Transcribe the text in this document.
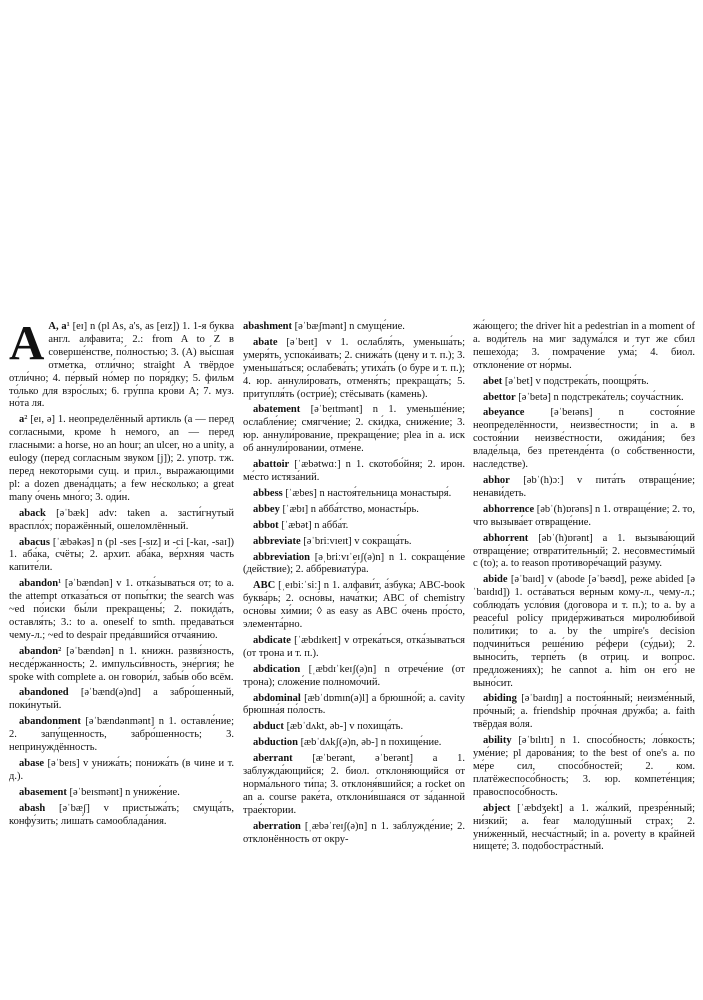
A A, a¹ [eɪ] n (pl As, a's, as [eɪz]) 1. 1-я буква англ. алфавита; 2.: from A to Z в соверше́нстве, по́лностью; 3. (A) вы́сшая отме́тка, отли́чно; straight A твёрдое отли́чно; 4. пе́рвый но́мер по поря́дку; 5. фильм то́лько для взро́слых; 6. гру́ппа кро́ви A; 7. муз. но́та ля.

a² [eɪ, ə] 1. неопределённый артикль (a — перед согласными, кроме h немого, an — перед гласными: a horse, но an hour; an ulcer, но a unity, a eulogy (перед согласным звуком [j]); 2. употр. тж. перед некоторыми сущ. и прил., выражающими pl: a dozen двена́дцать; a few не́сколько; a great many о́чень мно́го; 3. оди́н.

aback [əˈbæk] adv: taken a. засти́гнутый враспло́х; поражённый, ошеломлённый.

abacus [ˈæbəkəs] n (pl -ses [-sɪz] и -ci [-kaɪ, -saɪ]) 1. аба́ка, счёты; 2. архит. аба́ка, ве́рхняя часть капите́ли.

abandon¹ [əˈbændən] v 1. отка́зываться от; to a. the attempt отказа́ться от попы́тки; the search was ~ed по́иски бы́ли прекращены́; 2. покида́ть, оставля́ть; 3.: to a. oneself to smth. предава́ться чему-л.; ~ed to despair преда́вшийся отча́янию.

abandon² [əˈbændən] n 1. книжн. развя́зность, несде́ржанность; 2. импульси́вность, эне́ргия; he spoke with complete a. он говори́л, забы́в обо всём.

abandoned [əˈbænd(ə)nd] a забро́шенный, поки́нутый.

abandonment [əˈbændənmənt] n 1. оставле́ние; 2. запу́щенность, забро́шенность; 3. непринуждённость.

abase [əˈbeɪs] v унижа́ть; понижа́ть (в чине и т. д.).

abasement [əˈbeɪsmənt] n униже́ние.

abash [əˈbæʃ] v пристыжа́ть; смуща́ть, конфу́зить; лиша́ть самооблада́ния.

abashment [əˈbæʃmənt] n смуще́ние.

abate [əˈbeɪt] v 1. ослабля́ть, уменьша́ть; умеря́ть, успока́ивать; 2. снижа́ть (цену и т. п.); 3. уменьша́ться; ослабева́ть; утиха́ть (о буре и т. п.); 4. юр. аннули́ровать, отменя́ть; прекраща́ть; 5. притупля́ть (острие́); стёсывать (камень).

abatement [əˈbeɪtmənt] n 1. уменьше́ние; ослабле́ние; смягче́ние; 2. ски́дка, сниже́ние; 3. юр. аннули́рование, прекраще́ние; plea in a. иск об аннули́ровании, отме́не.

abattoir [ˈæbətwɑː] n 1. скотобо́йня; 2. ирон. ме́сто истяза́ний.

abbess [ˈæbes] n настоя́тельница монастыря́.

abbey [ˈæbɪ] n абба́тство, монасты́рь.

abbot [ˈæbət] n абба́т.

abbreviate [əˈbriːvɪeɪt] v сокраща́ть.

abbreviation [əˌbriːvɪˈeɪʃ(ə)n] n 1. сокраще́ние (действие); 2. аббревиату́ра.

ABC [ˌeɪbiːˈsiː] n 1. алфави́т, а́збука; ABC-book буква́рь; 2. осно́вы, нача́тки; ABC of chemistry осно́вы хи́мии; ◊ as easy as ABC о́чень про́сто, элемента́рно.

abdicate [ˈæbdɪkeɪt] v отрека́ться, отка́зываться (от трона и т. п.).

abdication [ˌæbdɪˈkeɪʃ(ə)n] n отрече́ние (от трона); сложе́ние полномо́чий.

abdominal [æbˈdɒmɪn(ə)l] a брюшно́й; a. cavity брюшна́я по́лость.

abduct [æbˈdʌkt, əb-] v похища́ть.

abduction [æbˈdʌkʃ(ə)n, əb-] n похище́ние.

aberrant [æˈberənt, əˈberənt] a 1. заблужда́ющийся; 2. биол. отклоня́ющийся от норма́льного ти́па; 3. отклоня́вшийся; a rocket on an a. course раке́та, отклони́вшаяся от за́данной трае́ктории.

aberration [ˌæbəˈreɪʃ(ə)n] n 1. заблужде́ние; 2. отклонённость от окру-

жа́ющего; the driver hit a pedestrian in a moment of a. води́тель на миг задума́лся и тут же сбил пешехо́да; 3. помраче́ние ума́; 4. биол. отклоне́ние от но́рмы.

abet [əˈbet] v подстрека́ть, поощря́ть.

abettor [əˈbetə] n подстрека́тель; соуча́стник.

abeyance [əˈbeɪəns] n состоя́ние неопределённости, неизве́стности; in a. в состоя́нии неизве́стности, ожида́ния; без владе́льца, без претенде́нта (о собственности, наследстве).

abhor [əbˈ(h)ɔː] v пита́ть отвраще́ние; ненави́деть.

abhorrence [əbˈ(h)ɒrəns] n 1. отвраще́ние; 2. то, что вызыва́ет отвраще́ние.

abhorrent [əbˈ(h)ɒrənt] a 1. вызыва́ющий отвраще́ние; отврати́тельный; 2. несовмести́мый с (to); a. to reason противоре́чащий ра́зуму.

abide [əˈbaɪd] v (abode [əˈbəʊd], реже abided [əˈbaɪdɪd]) 1. оста́ваться ве́рным кому-л., чему-л.; соблюда́ть усло́вия (договора и т. п.); to a. by a peaceful policy приде́рживаться миролюби́вой поли́тики; to a. by the umpire's decision подчини́ться реше́нию ре́фери (су́дьи); 2. выноси́ть, терпе́ть (в отриц. и вопрос. предложениях); he cannot a. him он его́ не выно́сит.

abiding [əˈbaɪdɪŋ] a постоя́нный; неизме́нный, про́чный; a. friendship про́чная дру́жба; a. faith твёрдая во́ля.

ability [əˈbɪlɪtɪ] n 1. спосо́бность; ло́вкость; уме́ние; pl дарова́ния; to the best of one's a. по ме́ре сил, спосо́бностей; 2. ком. платёжеспосо́бность; 3. юр. компете́нция; правоспосо́бность.

abject [ˈæbdʒekt] a 1. жа́лкий, презре́нный; ни́зкий; a. fear малоду́шный страх; 2. уни́женный, несча́стный; in a. poverty в кра́йней нищете́; 3. подобостра́стный.
